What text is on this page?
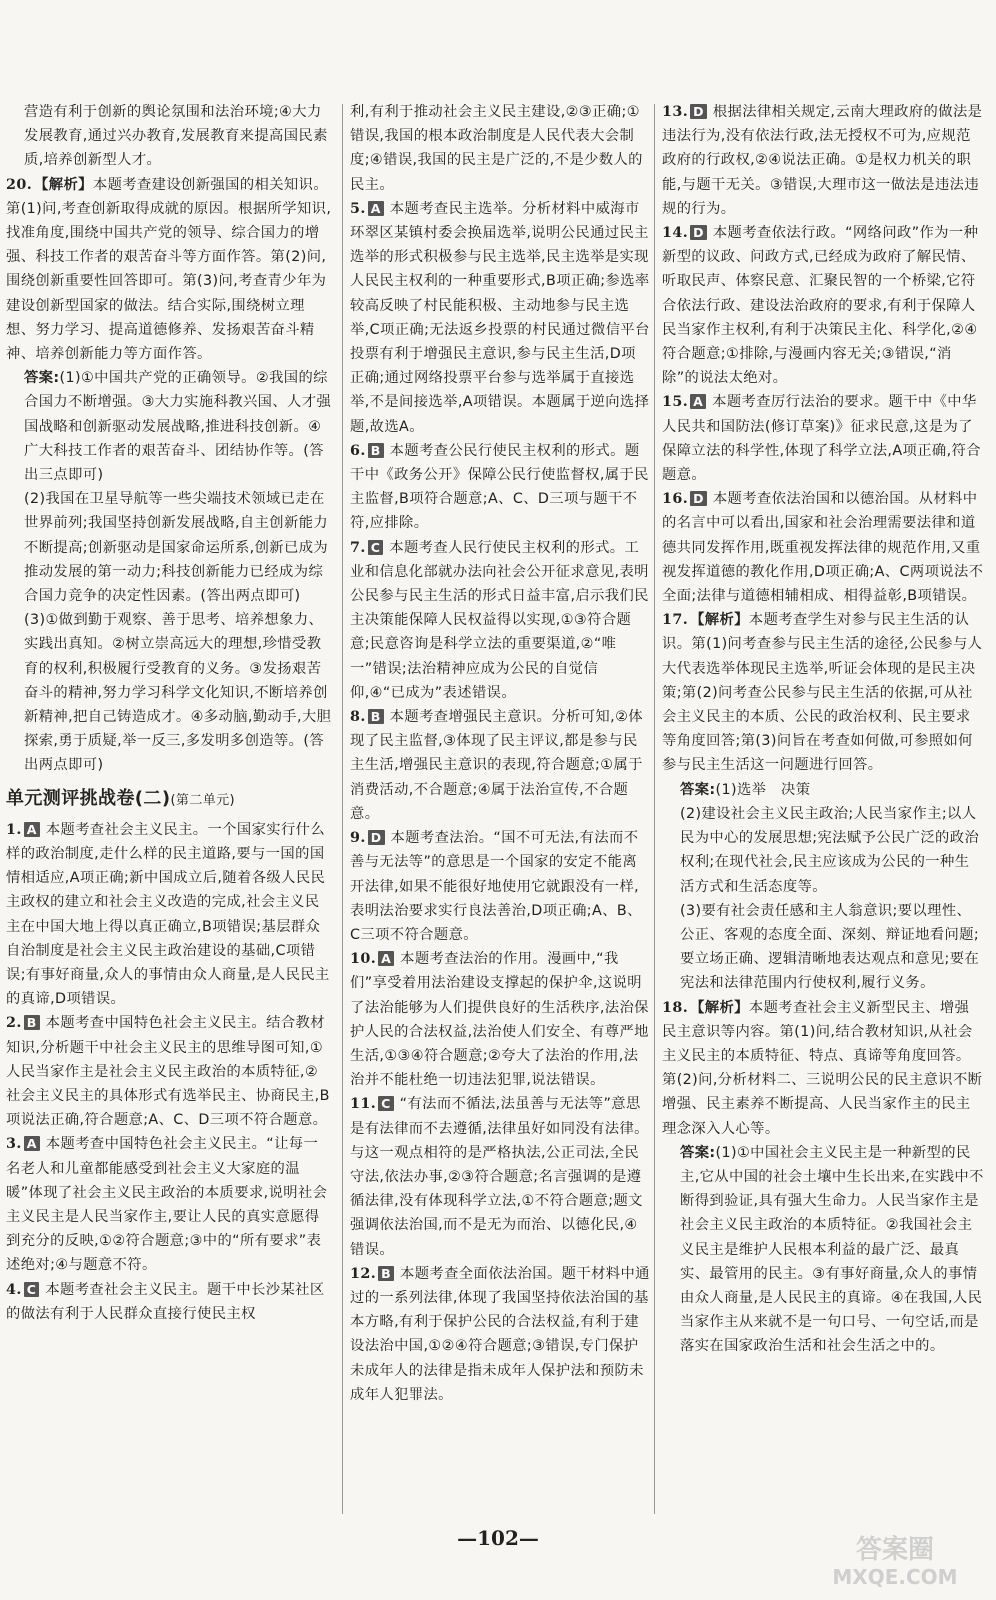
营造有利于创新的舆论氛围和法治环境;④大力发展教育,通过兴办教育,发展教育来提高国民素质,培养创新型人才。

20. 【解析】本题考查建设创新强国的相关知识。第(1)问,考查创新取得成就的原因。根据所学知识,找准角度,围绕中国共产党的领导、综合国力的增强、科技工作者的艰苦奋斗等方面作答。第(2)问,围绕创新重要性回答即可。第(3)问,考查青少年为建设创新型国家的做法。结合实际,围绕树立理想、努力学习、提高道德修养、发扬艰苦奋斗精神、培养创新能力等方面作答。

答案:(1)①中国共产党的正确领导。②我国的综合国力不断增强。③大力实施科教兴国、人才强国战略和创新驱动发展战略,推进科技创新。④广大科技工作者的艰苦奋斗、团结协作等。(答出三点即可)

(2)我国在卫星导航等一些尖端技术领域已走在世界前列;我国坚持创新发展战略,自主创新能力不断提高;创新驱动是国家命运所系,创新已成为推动发展的第一动力;科技创新能力已经成为综合国力竞争的决定性因素。(答出两点即可)

(3)①做到勤于观察、善于思考、培养想象力、实践出真知。②树立崇高远大的理想,珍惜受教育的权利,积极履行受教育的义务。③发扬艰苦奋斗的精神,努力学习科学文化知识,不断培养创新精神,把自己铸造成才。④多动脑,勤动手,大胆探索,勇于质疑,举一反三,多发明多创造等。(答出两点即可)

单元测评挑战卷(二)(第二单元)

1. A 本题考查社会主义民主。一个国家实行什么样的政治制度,走什么样的民主道路,要与一国的国情相适应,A项正确;新中国成立后,随着各级人民民主政权的建立和社会主义改造的完成,社会主义民主在中国大地上得以真正确立,B项错误;基层群众自治制度是社会主义民主政治建设的基础,C项错误;有事好商量,众人的事情由众人商量,是人民民主的真谛,D项错误。

2. B 本题考查中国特色社会主义民主。结合教材知识,分析题干中社会主义民主的思维导图可知,①人民当家作主是社会主义民主政治的本质特征,②社会主义民主的具体形式有选举民主、协商民主,B项说法正确,符合题意;A、C、D三项不符合题意。

3. A 本题考查中国特色社会主义民主。“让每一名老人和儿童都能感受到社会主义大家庭的温暖”体现了社会主义民主政治的本质要求,说明社会主义民主是人民当家作主,要让人民的真实意愿得到充分的反映,①②符合题意;③中的“所有要求”表述绝对;④与题意不符。

4. C 本题考查社会主义民主。题干中长沙某社区的做法有利于人民群众直接行使民主权

利,有利于推动社会主义民主建设,②③正确;①错误,我国的根本政治制度是人民代表大会制度;④错误,我国的民主是广泛的,不是少数人的民主。

5. A 本题考查民主选举。分析材料中威海市环翠区某镇村委会换届选举,说明公民通过民主选举的形式积极参与民主选举,民主选举是实现人民民主权利的一种重要形式,B项正确;参选率较高反映了村民能积极、主动地参与民主选举,C项正确;无法返乡投票的村民通过微信平台投票有利于增强民主意识,参与民主生活,D项正确;通过网络投票平台参与选举属于直接选举,不是间接选举,A项错误。本题属于逆向选择题,故选A。

6. B 本题考查公民行使民主权利的形式。题干中《政务公开》保障公民行使监督权,属于民主监督,B项符合题意;A、C、D三项与题干不符,应排除。

7. C 本题考查人民行使民主权利的形式。工业和信息化部就办法向社会公开征求意见,表明公民参与民主生活的形式日益丰富,启示我们民主决策能保障人民权益得以实现,①③符合题意;民意咨询是科学立法的重要渠道,②“唯一”错误;法治精神应成为公民的自觉信仰,④“已成为”表述错误。

8. B 本题考查增强民主意识。分析可知,②体现了民主监督,③体现了民主评议,都是参与民主生活,增强民主意识的表现,符合题意;①属于消费活动,不合题意;④属于法治宣传,不合题意。

9. D 本题考查法治。“国不可无法,有法而不善与无法等”的意思是一个国家的安定不能离开法律,如果不能很好地使用它就跟没有一样,表明法治要求实行良法善治,D项正确;A、B、C三项不符合题意。

10. A 本题考查法治的作用。漫画中,“我们”享受着用法治建设支撑起的保护伞,这说明了法治能够为人们提供良好的生活秩序,法治保护人民的合法权益,法治使人们安全、有尊严地生活,①③④符合题意;②夸大了法治的作用,法治并不能杜绝一切违法犯罪,说法错误。

11. C “有法而不循法,法虽善与无法等”意思是有法律而不去遵循,法律虽好如同没有法律。与这一观点相符的是严格执法,公正司法,全民守法,依法办事,②③符合题意;名言强调的是遵循法律,没有体现科学立法,①不符合题意;题文强调依法治国,而不是无为而治、以德化民,④错误。

12. B 本题考查全面依法治国。题干材料中通过的一系列法律,体现了我国坚持依法治国的基本方略,有利于保护公民的合法权益,有利于建设法治中国,①②④符合题意;③错误,专门保护未成年人的法律是指未成年人保护法和预防未成年人犯罪法。

13. D 根据法律相关规定,云南大理政府的做法是违法行为,没有依法行政,法无授权不可为,应规范政府的行政权,②④说法正确。①是权力机关的职能,与题干无关。③错误,大理市这一做法是违法违规的行为。

14. D 本题考查依法行政。“网络问政”作为一种新型的议政、问政方式,已经成为政府了解民情、听取民声、体察民意、汇聚民智的一个桥梁,它符合依法行政、建设法治政府的要求,有利于保障人民当家作主权利,有利于决策民主化、科学化,②④符合题意;①排除,与漫画内容无关;③错误,“消除”的说法太绝对。

15. A 本题考查厉行法治的要求。题干中《中华人民共和国防法(修订草案)》征求民意,这是为了保障立法的科学性,体现了科学立法,A项正确,符合题意。

16. D 本题考查依法治国和以德治国。从材料中的名言中可以看出,国家和社会治理需要法律和道德共同发挥作用,既重视发挥法律的规范作用,又重视发挥道德的教化作用,D项正确;A、C两项说法不全面;法律与道德相辅相成、相得益彰,B项错误。

17. 【解析】本题考查学生对参与民主生活的认识。第(1)问考查参与民主生活的途径,公民参与人大代表选举体现民主选举,听证会体现的是民主决策;第(2)问考查公民参与民主生活的依据,可从社会主义民主的本质、公民的政治权利、民主要求等角度回答;第(3)问旨在考查如何做,可参照如何参与民主生活这一问题进行回答。

答案:(1)选举　决策

(2)建设社会主义民主政治;人民当家作主;以人民为中心的发展思想;宪法赋予公民广泛的政治权利;在现代社会,民主应该成为公民的一种生活方式和生活态度等。

(3)要有社会责任感和主人翁意识;要以理性、公正、客观的态度全面、深刻、辩证地看问题;要立场正确、逻辑清晰地表达观点和意见;要在宪法和法律范围内行使权利,履行义务。

18. 【解析】本题考查社会主义新型民主、增强民主意识等内容。第(1)问,结合教材知识,从社会主义民主的本质特征、特点、真谛等角度回答。第(2)问,分析材料二、三说明公民的民主意识不断增强、民主素养不断提高、人民当家作主的民主理念深入人心等。

答案:(1)①中国社会主义民主是一种新型的民主,它从中国的社会土壤中生长出来,在实践中不断得到验证,具有强大生命力。人民当家作主是社会主义民主政治的本质特征。②我国社会主义民主是维护人民根本利益的最广泛、最真实、最管用的民主。③有事好商量,众人的事情由众人商量,是人民民主的真谛。④在我国,人民当家作主从来就不是一句口号、一句空话,而是落实在国家政治生活和社会生活之中的。

—102—	答案圈
MXQE.COM
